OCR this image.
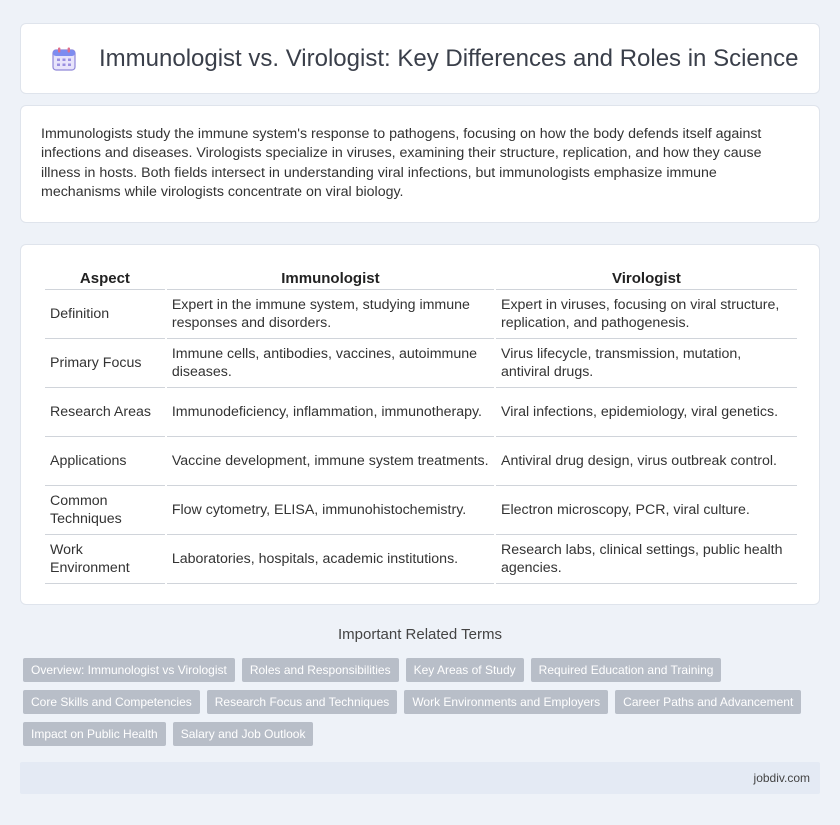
Immunologist vs. Virologist: Key Differences and Roles in Science

Immunologists study the immune system's response to pathogens, focusing on how the body defends itself against infections and diseases. Virologists specialize in viruses, examining their structure, replication, and how they cause illness in hosts. Both fields intersect in understanding viral infections, but immunologists emphasize immune mechanisms while virologists concentrate on viral biology.

Aspect	Immunologist	Virologist
Definition	Expert in the immune system, studying immune responses and disorders.	Expert in viruses, focusing on viral structure, replication, and pathogenesis.
Primary Focus	Immune cells, antibodies, vaccines, autoimmune diseases.	Virus lifecycle, transmission, mutation, antiviral drugs.
Research Areas	Immunodeficiency, inflammation, immunotherapy.	Viral infections, epidemiology, viral genetics.
Applications	Vaccine development, immune system treatments.	Antiviral drug design, virus outbreak control.
Common Techniques	Flow cytometry, ELISA, immunohistochemistry.	Electron microscopy, PCR, viral culture.
Work Environment	Laboratories, hospitals, academic institutions.	Research labs, clinical settings, public health agencies.
Important Related Terms
Overview: Immunologist vs Virologist	Roles and Responsibilities	Key Areas of Study	Required Education and Training
Core Skills and Competencies	Research Focus and Techniques	Work Environments and Employers	Career Paths and Advancement
Impact on Public Health	Salary and Job Outlook
jobdiv.com
